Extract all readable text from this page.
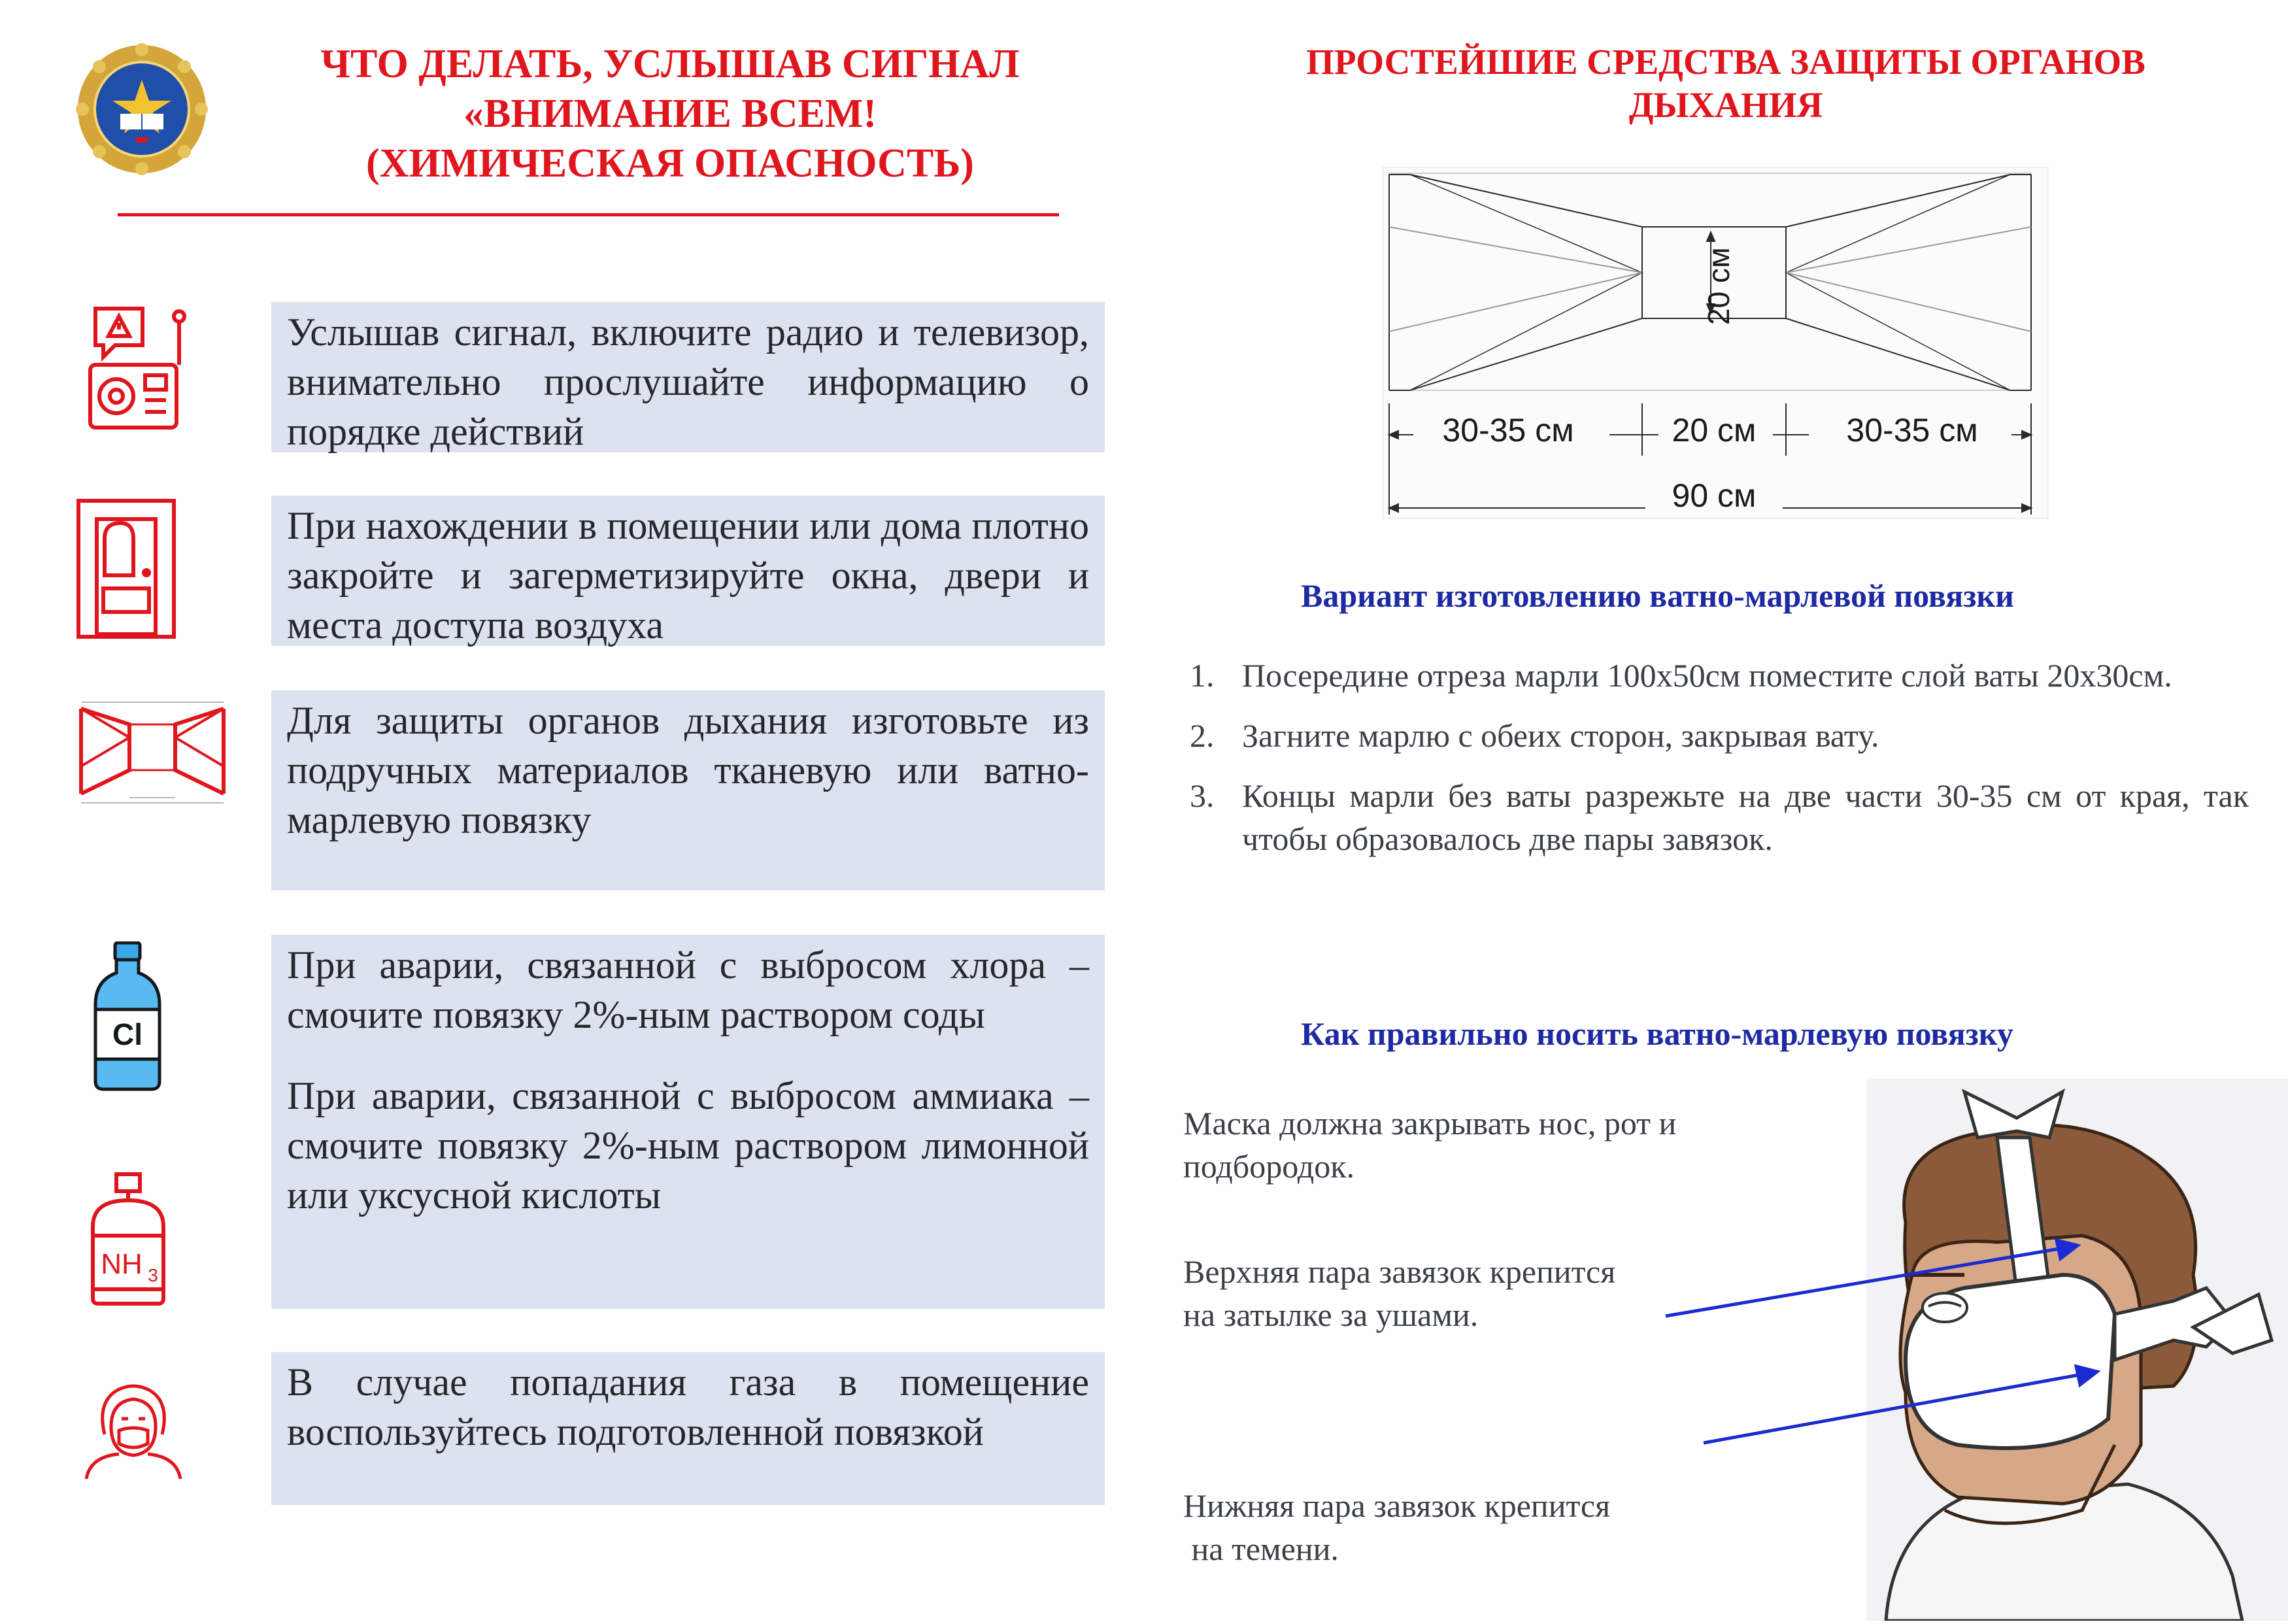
ЧТО ДЕЛАТЬ, УСЛЫШАВ СИГНАЛ
«ВНИМАНИЕ ВСЕМ!
(ХИМИЧЕСКАЯ ОПАСНОСТЬ)
ПРОСТЕЙШИЕ СРЕДСТВА ЗАЩИТЫ ОРГАНОВ
ДЫХАНИЯ
Cl
NH 3

Услышав сигнал, включите радио и телевизор, внимательно прослушайте информацию о порядке действий

При нахождении в помещении или дома плотно закройте и загерметизируйте окна, двери и места доступа воздуха

Для защиты органов дыхания изготовьте из подручных материалов тканевую или ватно-марлевую повязку

При аварии, связанной с выбросом хлора – смочите повязку 2%-ным раствором соды

При аварии, связанной с выбросом аммиака – смочите повязку 2%-ным раствором лимонной или уксусной кислоты

В случае попадания газа в помещение воспользуйтесь подготовленной повязкой

20 см
30-35 см	20 см	30-35 см
90 см
Вариант изготовлению ватно-марлевой повязки
1. Посередине отреза марли 100х50см поместите слой ваты 20х30см.
2. Загните марлю с обеих сторон, закрывая вату.
3. Концы марли без ваты разрежьте на две части 30-35 см от края, так чтобы образовалось две пары завязок.
Как правильно носить ватно-марлевую повязку
Маска должна закрывать нос, рот и
подбородок.
Верхняя пара завязок крепится
на затылке за ушами.

Нижняя пара завязок крепится
на темени.
